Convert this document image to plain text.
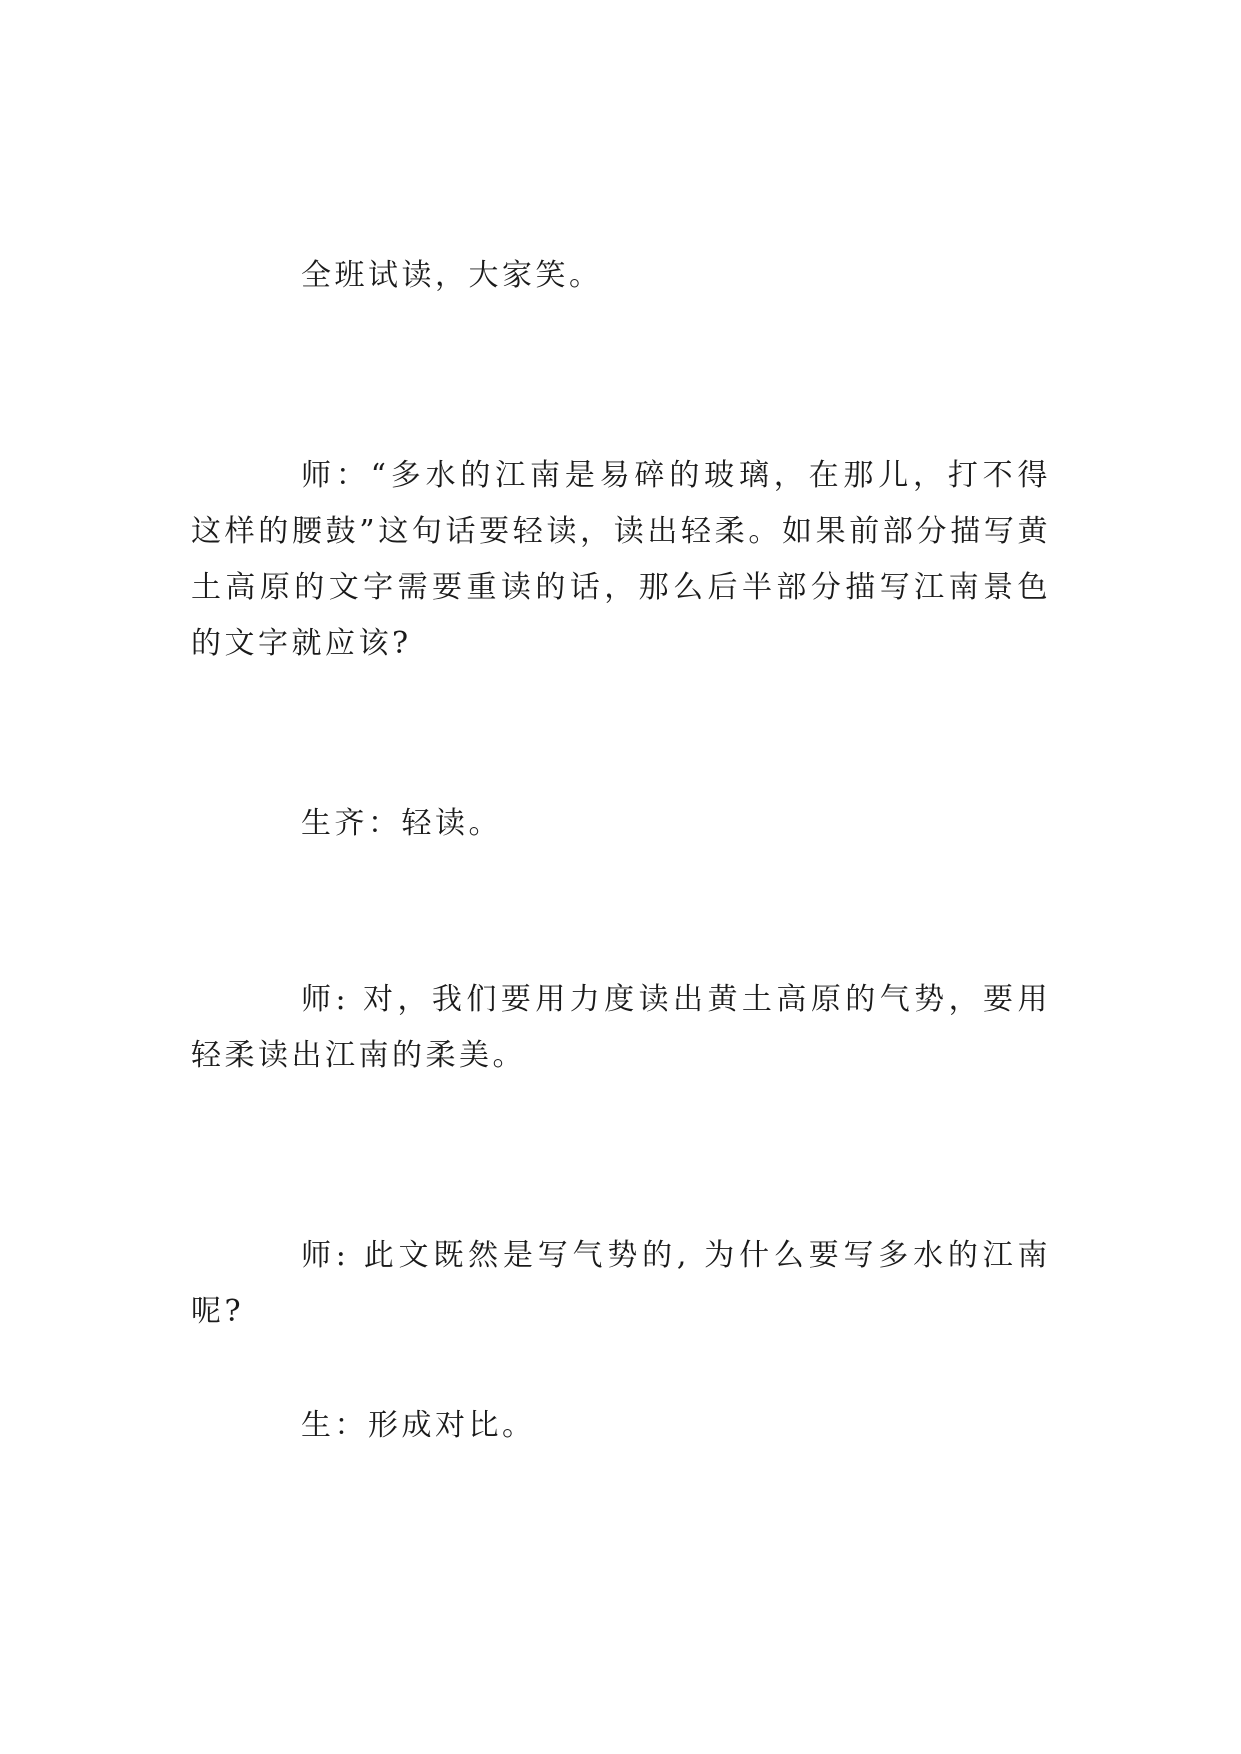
全班试读，大家笑。

师：“多水的江南是易碎的玻璃，在那儿，打不得这样的腰鼓”这句话要轻读，读出轻柔。如果前部分描写黄土高原的文字需要重读的话，那么后半部分描写江南景色的文字就应该?

生齐：轻读。

师: 对，我们要用力度读出黄土高原的气势，要用轻柔读出江南的柔美。

师: 此文既然是写气势的, 为什么要写多水的江南呢?

生：形成对比。
